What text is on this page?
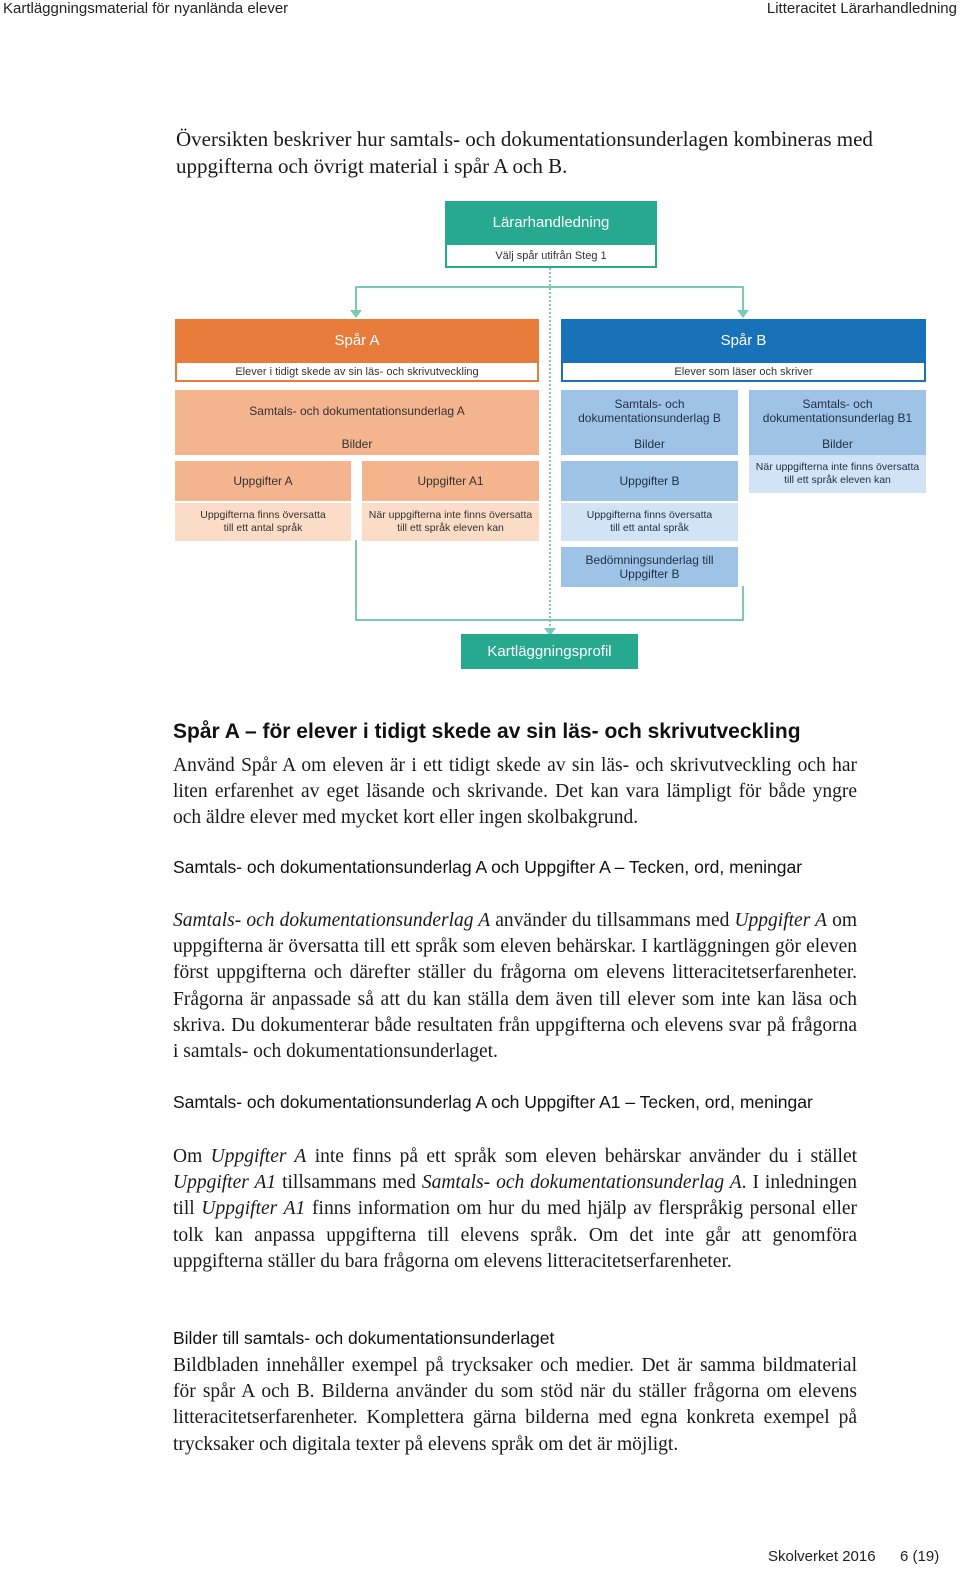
Kartläggningsmaterial för nyanlända elever	Litteracitet Lärarhandledning
Översikten beskriver hur samtals- och dokumentationsunderlagen kombineras med uppgifterna och övrigt material i spår A och B.
Lärarhandledning
Välj spår utifrån Steg 1
Spår A
Elever i tidigt skede av sin läs- och skrivutveckling
Samtals- och dokumentationsunderlag A
Bilder
Uppgifter A	Uppgifter A1
Uppgifterna finns översatta till ett antal språk
När uppgifterna inte finns översatta till ett språk eleven kan
Spår B
Elever som läser och skriver
Samtals- och dokumentationsunderlag B
Samtals- och dokumentationsunderlag B1
Bilder	Bilder
Uppgifter B
När uppgifterna inte finns översatta till ett språk eleven kan
Uppgifterna finns översatta till ett antal språk
Bedömningsunderlag till Uppgifter B
Kartläggningsprofil
Spår A – för elever i tidigt skede av sin läs- och skrivutveckling
Använd Spår A om eleven är i ett tidigt skede av sin läs- och skrivutveckling och har liten erfarenhet av eget läsande och skrivande. Det kan vara lämpligt för både yngre och äldre elever med mycket kort eller ingen skolbakgrund.
Samtals- och dokumentationsunderlag A och Uppgifter A – Tecken, ord, meningar
Samtals- och dokumentationsunderlag A använder du tillsammans med Uppgifter A om uppgifterna är översatta till ett språk som eleven behärskar. I kartläggningen gör eleven först uppgifterna och därefter ställer du frågorna om elevens litteracitetserfarenheter. Frågorna är anpassade så att du kan ställa dem även till elever som inte kan läsa och skriva. Du dokumenterar både resultaten från uppgifterna och elevens svar på frågorna i samtals- och dokumentationsunderlaget.
Samtals- och dokumentationsunderlag A och Uppgifter A1 – Tecken, ord, meningar
Om Uppgifter A inte finns på ett språk som eleven behärskar använder du i stället Uppgifter A1 tillsammans med Samtals- och dokumentationsunderlag A. I inledningen till Uppgifter A1 finns information om hur du med hjälp av flerspråkig personal eller tolk kan anpassa uppgifterna till elevens språk. Om det inte går att genomföra uppgifterna ställer du bara frågorna om elevens litteracitetserfarenheter.
Bilder till samtals- och dokumentationsunderlaget
Bildbladen innehåller exempel på trycksaker och medier. Det är samma bildmaterial för spår A och B. Bilderna använder du som stöd när du ställer frågorna om elevens litteracitetserfarenheter. Komplettera gärna bilderna med egna konkreta exempel på trycksaker och digitala texter på elevens språk om det är möjligt.
Skolverket 2016 6 (19)
